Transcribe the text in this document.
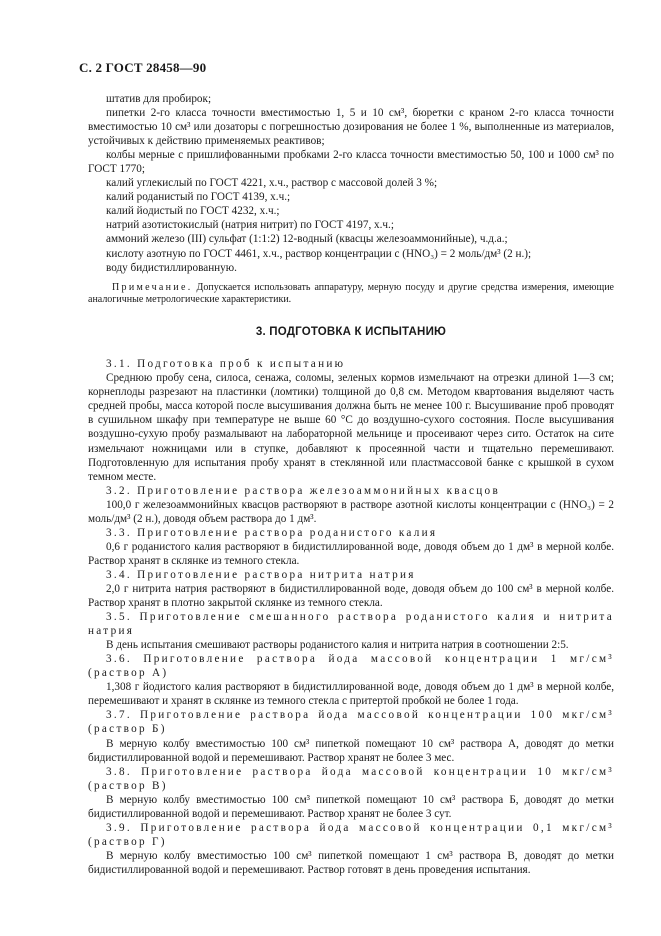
С. 2 ГОСТ 28458—90

штатив для пробирок;

пипетки 2-го класса точности вместимостью 1, 5 и 10 см³, бюретки с краном 2-го класса точности вместимостью 10 см³ или дозаторы с погрешностью дозирования не более 1 %, выполненные из материалов, устойчивых к действию применяемых реактивов;

колбы мерные с пришлифованными пробками 2-го класса точности вместимостью 50, 100 и 1000 см³ по ГОСТ 1770;

калий углекислый по ГОСТ 4221, х.ч., раствор с массовой долей 3 %;

калий роданистый по ГОСТ 4139, х.ч.;

калий йодистый по ГОСТ 4232, х.ч.;

натрий азотистокислый (натрия нитрит) по ГОСТ 4197, х.ч.;

аммоний железо (III) сульфат (1:1:2) 12-водный (квасцы железоаммонийные), ч.д.а.;

кислоту азотную по ГОСТ 4461, х.ч., раствор концентрации с (HNO₃) = 2 моль/дм³ (2 н.);

воду бидистиллированную.

Примечание. Допускается использовать аппаратуру, мерную посуду и другие средства измерения, имеющие аналогичные метрологические характеристики.

3. ПОДГОТОВКА К ИСПЫТАНИЮ

3.1. Подготовка проб к испытанию

Среднюю пробу сена, силоса, сенажа, соломы, зеленых кормов измельчают на отрезки длиной 1—3 см; корнеплоды разрезают на пластинки (ломтики) толщиной до 0,8 см. Методом квартования выделяют часть средней пробы, масса которой после высушивания должна быть не менее 100 г. Высушивание проб проводят в сушильном шкафу при температуре не выше 60 °С до воздушно-сухого состояния. После высушивания воздушно-сухую пробу размалывают на лабораторной мельнице и просеивают через сито. Остаток на сите измельчают ножницами или в ступке, добавляют к просеянной части и тщательно перемешивают. Подготовленную для испытания пробу хранят в стеклянной или пластмассовой банке с крышкой в сухом темном месте.

3.2. Приготовление раствора железоаммонийных квасцов

100,0 г железоаммонийных квасцов растворяют в растворе азотной кислоты концентрации с (HNO₃) = 2 моль/дм³ (2 н.), доводя объем раствора до 1 дм³.

3.3. Приготовление раствора роданистого калия

0,6 г роданистого калия растворяют в бидистиллированной воде, доводя объем до 1 дм³ в мерной колбе. Раствор хранят в склянке из темного стекла.

3.4. Приготовление раствора нитрита натрия

2,0 г нитрита натрия растворяют в бидистиллированной воде, доводя объем до 100 см³ в мерной колбе. Раствор хранят в плотно закрытой склянке из темного стекла.

3.5. Приготовление смешанного раствора роданистого калия и нитрита натрия

В день испытания смешивают растворы роданистого калия и нитрита натрия в соотношении 2:5.

3.6. Приготовление раствора йода массовой концентрации 1 мг/см³ (раствор А)

1,308 г йодистого калия растворяют в бидистиллированной воде, доводя объем до 1 дм³ в мерной колбе, перемешивают и хранят в склянке из темного стекла с притертой пробкой не более 1 года.

3.7. Приготовление раствора йода массовой концентрации 100 мкг/см³ (раствор Б)

В мерную колбу вместимостью 100 см³ пипеткой помещают 10 см³ раствора А, доводят до метки бидистиллированной водой и перемешивают. Раствор хранят не более 3 мес.

3.8. Приготовление раствора йода массовой концентрации 10 мкг/см³ (раствор В)

В мерную колбу вместимостью 100 см³ пипеткой помещают 10 см³ раствора Б, доводят до метки бидистиллированной водой и перемешивают. Раствор хранят не более 3 сут.

3.9. Приготовление раствора йода массовой концентрации 0,1 мкг/см³ (раствор Г)

В мерную колбу вместимостью 100 см³ пипеткой помещают 1 см³ раствора В, доводят до метки бидистиллированной водой и перемешивают. Раствор готовят в день проведения испытания.
